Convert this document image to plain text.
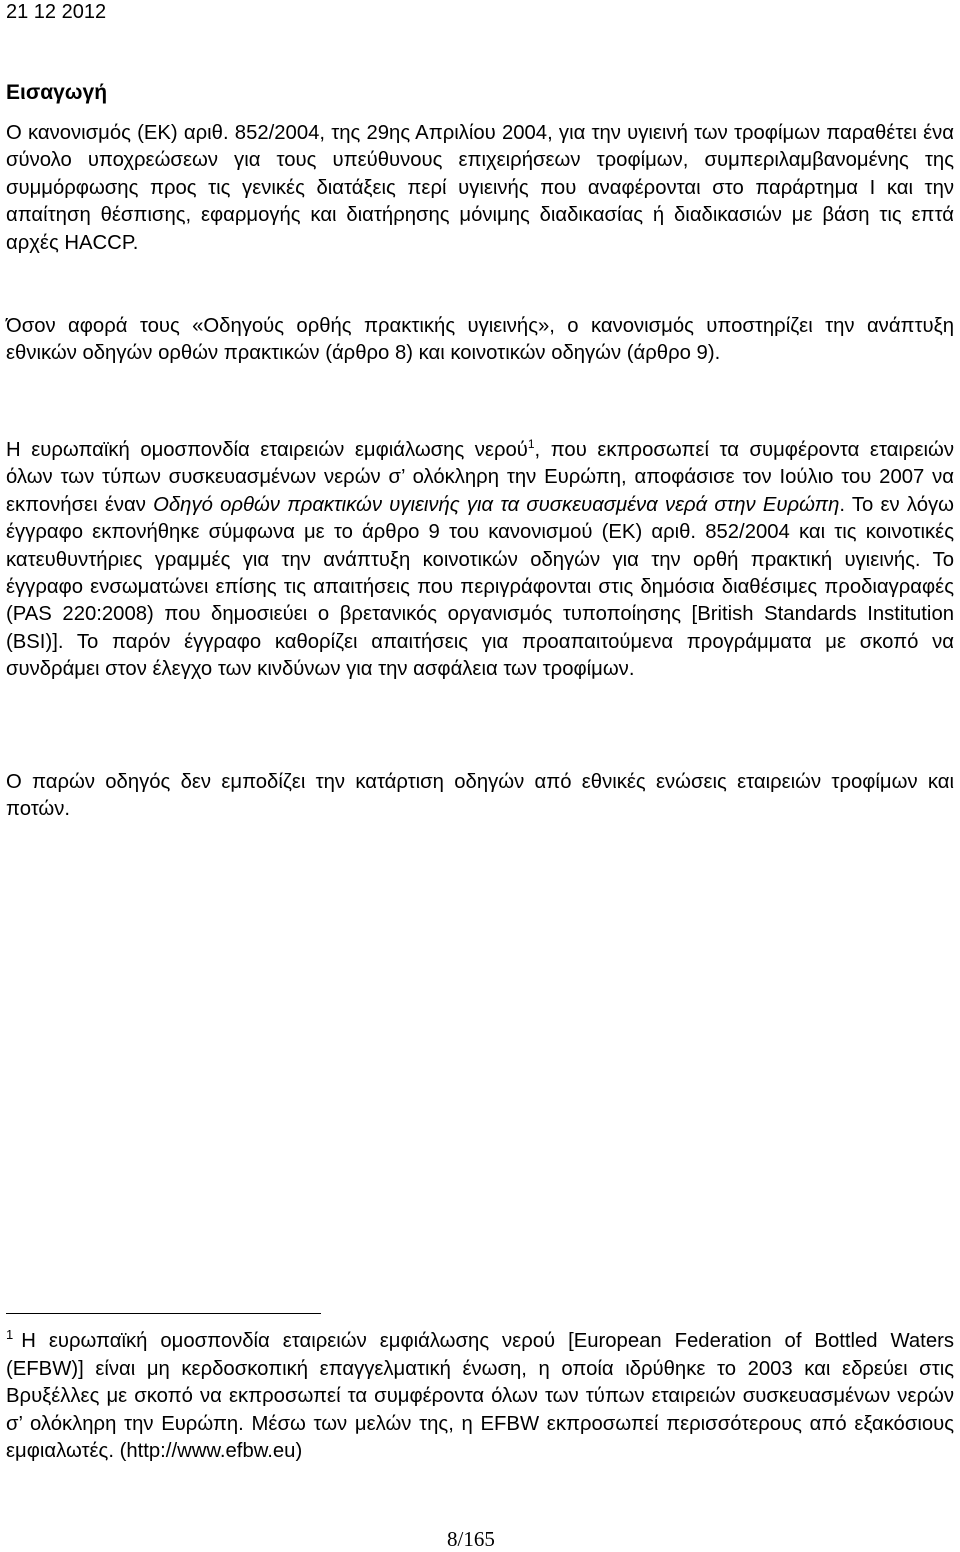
21 12 2012
Εισαγωγή

Ο κανονισμός (ΕΚ) αριθ. 852/2004, της 29ης Απριλίου 2004, για την υγιεινή των τροφίμων παραθέτει ένα σύνολο υποχρεώσεων για τους υπεύθυνους επιχειρήσεων τροφίμων, συμπεριλαμβανομένης της συμμόρφωσης προς τις γενικές διατάξεις περί υγιεινής που αναφέρονται στο παράρτημα I και την απαίτηση θέσπισης, εφαρμογής και διατήρησης μόνιμης διαδικασίας ή διαδικασιών με βάση τις επτά αρχές HACCP.

Όσον αφορά τους «Οδηγούς ορθής πρακτικής υγιεινής», ο κανονισμός υποστηρίζει την ανάπτυξη εθνικών οδηγών ορθών πρακτικών (άρθρο 8) και κοινοτικών οδηγών (άρθρο 9).

Η ευρωπαϊκή ομοσπονδία εταιρειών εμφιάλωσης νερού$^1$, που εκπροσωπεί τα συμφέροντα εταιρειών όλων των τύπων συσκευασμένων νερών σ’ ολόκληρη την Ευρώπη, αποφάσισε τον Ιούλιο του 2007 να εκπονήσει έναν Οδηγό ορθών πρακτικών υγιεινής για τα συσκευασμένα νερά στην Ευρώπη. Το εν λόγω έγγραφο εκπονήθηκε σύμφωνα με το άρθρο 9 του κανονισμού (ΕΚ) αριθ. 852/2004 και τις κοινοτικές κατευθυντήριες γραμμές για την ανάπτυξη κοινοτικών οδηγών για την ορθή πρακτική υγιεινής. Το έγγραφο ενσωματώνει επίσης τις απαιτήσεις που περιγράφονται στις δημόσια διαθέσιμες προδιαγραφές (PAS 220:2008) που δημοσιεύει ο βρετανικός οργανισμός τυποποίησης [British Standards Institution (BSI)]. Το παρόν έγγραφο καθορίζει απαιτήσεις για προαπαιτούμενα προγράμματα με σκοπό να συνδράμει στον έλεγχο των κινδύνων για την ασφάλεια των τροφίμων.

Ο παρών οδηγός δεν εμποδίζει την κατάρτιση οδηγών από εθνικές ενώσεις εταιρειών τροφίμων και ποτών.

$^1$ Η ευρωπαϊκή ομοσπονδία εταιρειών εμφιάλωσης νερού [European Federation of Bottled Waters (EFBW)] είναι μη κερδοσκοπική επαγγελματική ένωση, η οποία ιδρύθηκε το 2003 και εδρεύει στις Βρυξέλλες με σκοπό να εκπροσωπεί τα συμφέροντα όλων των τύπων εταιρειών συσκευασμένων νερών σ’ ολόκληρη την Ευρώπη. Μέσω των μελών της, η EFBW εκπροσωπεί περισσότερους από εξακόσιους εμφιαλωτές. (http://www.efbw.eu)

8/165
